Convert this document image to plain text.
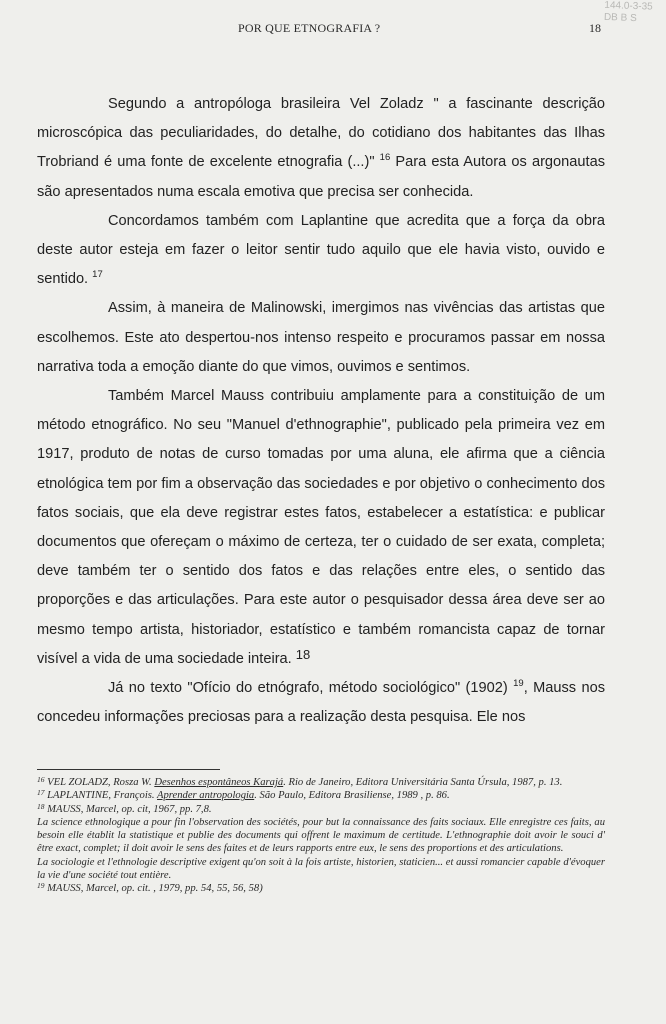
144.0-3-35
DB B S
POR QUE ETNOGRAFIA ?	18

Segundo a antropóloga brasileira Vel Zoladz " a fascinante descrição microscópica das peculiaridades, do detalhe, do cotidiano dos habitantes das Ilhas Trobriand é uma fonte de excelente etnografia (...)" $^{16}$ Para esta Autora os argonautas são apresentados numa escala emotiva que precisa ser conhecida.

Concordamos também com Laplantine que acredita que a força da obra deste autor esteja em fazer o leitor sentir tudo aquilo que ele havia visto, ouvido e sentido. $^{17}$

Assim, à maneira de Malinowski, imergimos nas vivências das artistas que escolhemos. Este ato despertou-nos intenso respeito e procuramos passar em nossa narrativa toda a emoção diante do que vimos, ouvimos e sentimos.

Também Marcel Mauss contribuiu amplamente para a constituição de um método etnográfico. No seu "Manuel d'ethnographie", publicado pela primeira vez em 1917, produto de notas de curso tomadas por uma aluna, ele afirma que a ciência etnológica tem por fim a observação das sociedades e por objetivo o conhecimento dos fatos sociais, que ela deve registrar estes fatos, estabelecer a estatística: e publicar documentos que ofereçam o máximo de certeza, ter o cuidado de ser exata, completa; deve também ter o sentido dos fatos e das relações entre eles, o sentido das proporções e das articulações. Para este autor o pesquisador dessa área deve ser ao mesmo tempo artista, historiador, estatístico e também romancista capaz de tornar visível a vida de uma sociedade inteira. $^{18}$

Já no texto "Ofício do etnógrafo, método sociológico" (1902) $^{19}$, Mauss nos concedeu informações preciosas para a realização desta pesquisa. Ele nos

$^{16}$ VEL ZOLADZ, Rosza W. Desenhos espontâneos Karajá. Rio de Janeiro, Editora Universitária Santa Úrsula, 1987, p. 13.
$^{17}$ LAPLANTINE, François. Aprender antropologia. São Paulo, Editora Brasiliense, 1989 , p. 86.
$^{18}$ MAUSS, Marcel, op. cit, 1967, pp. 7,8.
La science ethnologique a pour fin l'observation des sociétés, pour but la connaissance des faits sociaux. Elle enregistre ces faits, au besoin elle établit la statistique et publie des documents qui offrent le maximum de certitude. L'ethnographie doit avoir le souci d' être exact, complet; il doit avoir le sens des faites et de leurs rapports entre eux, le sens des proportions et des articulations.
La sociologie et l'ethnologie descriptive exigent qu'on soit à la fois artiste, historien, staticien... et aussi romancier capable d'évoquer la vie d'une société tout entière.
$^{19}$ MAUSS, Marcel, op. cit. , 1979, pp. 54, 55, 56, 58)
